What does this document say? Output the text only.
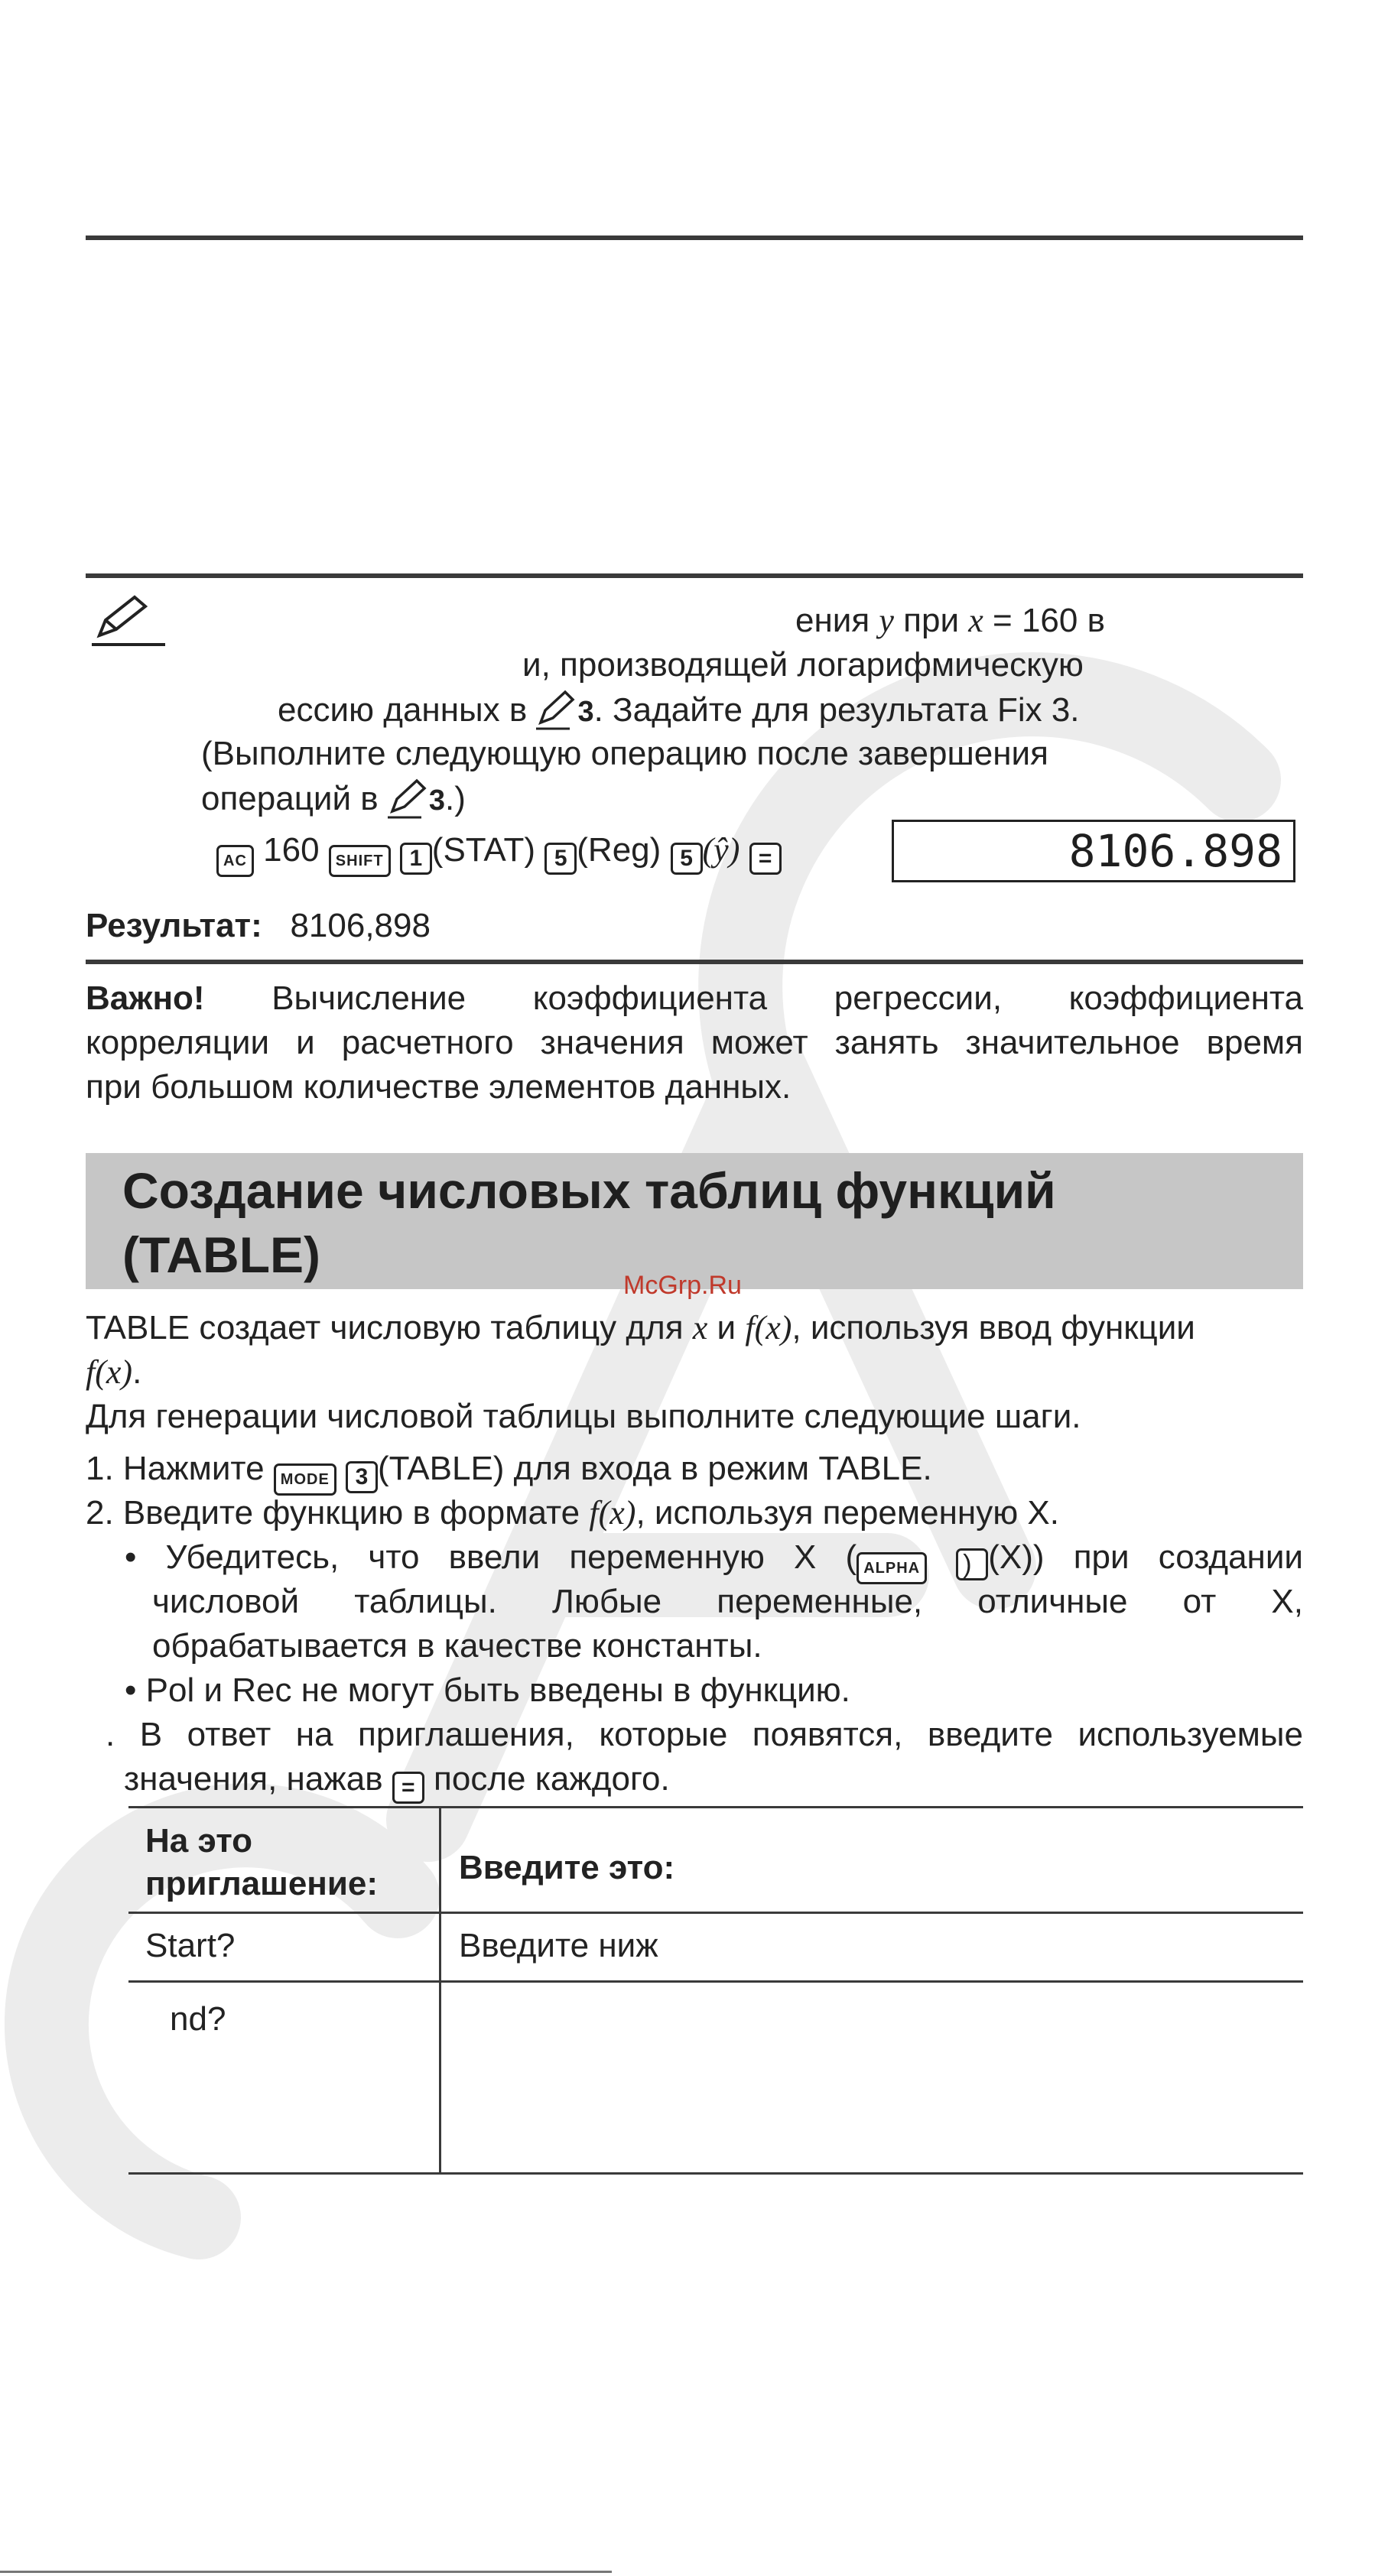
ения y при x = 160 в
и, производящей логарифмическую
ессию данных в 3. Задайте для результата Fix 3.
(Выполните следующую операцию после завершения
операций в 3.)
AC 160 SHIFT 1 (STAT) 5 (Reg) 5 (ŷ) =	8106.898
Результат: 8106,898
Важно! Вычисление коэффициента регрессии, коэффициента
корреляции и расчетного значения может занять значительное время
при большом количестве элементов данных.
Создание числовых таблиц функций
(TABLE)
McGrp.Ru
TABLE создает числовую таблицу для x и f(x), используя ввод функции
f(x).
Для генерации числовой таблицы выполните следующие шаги.
1. Нажмите MODE 3 (TABLE) для входа в режим TABLE.
2. Введите функцию в формате f(x), используя переменную X.
• Убедитесь, что ввели переменную X ( ALPHA ) (X)) при создании
числовой таблицы. Любые переменные, отличные от X,
обрабатывается в качестве константы.
• Pol и Rec не могут быть введены в функцию.
. В ответ на приглашения, которые появятся, введите используемые
значения, нажав = после каждого.
На это
приглашение: Введите это:
Start?	Введите ниж
nd?
